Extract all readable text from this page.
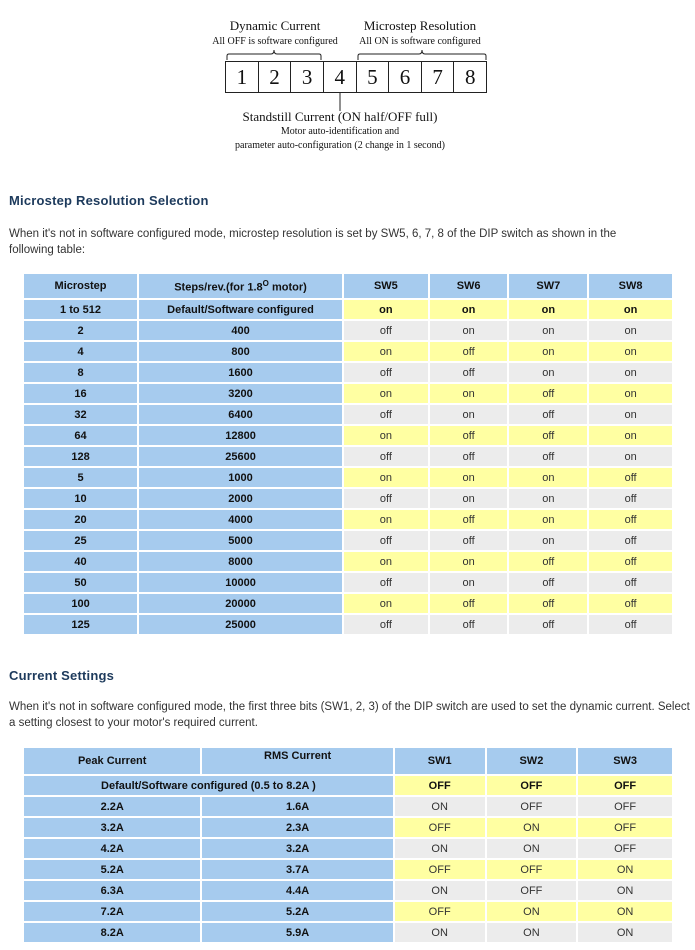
Dynamic Current
All OFF is software configured
Microstep Resolution
All ON is software configured
1	2	3	4	5	6	7	8
Standstill Current (ON half/OFF full)
Motor auto-identification and
parameter auto-configuration (2 change in 1 second)
Microstep Resolution Selection
When it's not in software configured mode, microstep resolution is set by SW5, 6, 7, 8 of the DIP switch as shown in the following table:
Microstep	Steps/rev.(for $1.8^O$ motor)	SW5	SW6	SW7	SW8
1 to 512	Default/Software configured	on	on	on	on
2	400	off	on	on	on
4	800	on	off	on	on
8	1600	off	off	on	on
16	3200	on	on	off	on
32	6400	off	on	off	on
64	12800	on	off	off	on
128	25600	off	off	off	on
5	1000	on	on	on	off
10	2000	off	on	on	off
20	4000	on	off	on	off
25	5000	off	off	on	off
40	8000	on	on	off	off
50	10000	off	on	off	off
100	20000	on	off	off	off
125	25000	off	off	off	off
Current Settings
When it's not in software configured mode, the first three bits (SW1, 2, 3) of the DIP switch are used to set the dynamic current. Select a setting closest to your motor's required current.
Peak Current	RMS Current	SW1	SW2	SW3
Default/Software configured (0.5 to 8.2A )		OFF	OFF	OFF
2.2A	1.6A	ON	OFF	OFF
3.2A	2.3A	OFF	ON	OFF
4.2A	3.2A	ON	ON	OFF
5.2A	3.7A	OFF	OFF	ON
6.3A	4.4A	ON	OFF	ON
7.2A	5.2A	OFF	ON	ON
8.2A	5.9A	ON	ON	ON
